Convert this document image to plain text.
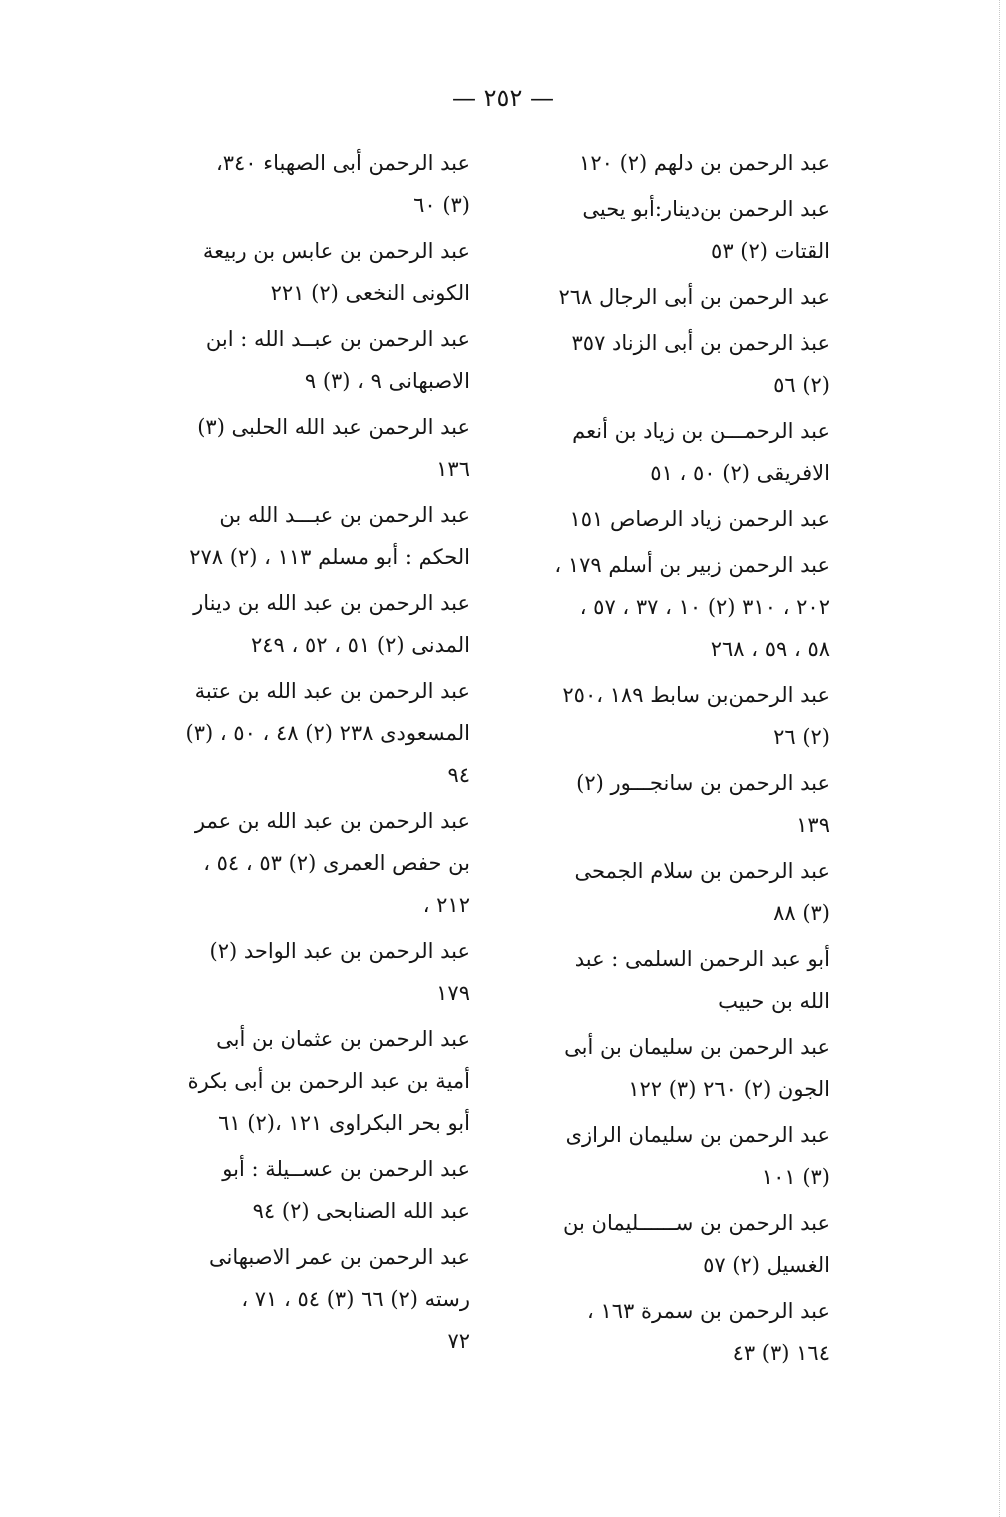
— ٢٥٢ —
عبد الرحمن بن دلهم (٢) ١٢٠
عبد الرحمن بن‌دينار:أبو يحيى
القتات (٢) ٥٣
عبد الرحمن بن أبى الرجال ٢٦٨
عبذ الرحمن بن أبى الزناد ٣٥٧
(٢) ٥٦
عبد الرحمـــن بن زياد بن أنعم
الافريقى (٢) ٥٠ ، ٥١
عبد الرحمن زياد الرصاص ١٥١
عبد الرحمن زبير بن أسلم ١٧٩ ،
٢٠٢ ، ٣١٠ (٢) ١٠ ، ٣٧ ، ٥٧ ،
٥٨ ، ٥٩ ، ٢٦٨
عبد الرحمن‌بن سابط ١٨٩ ،٢٥٠
(٢) ٢٦
عبد الرحمن بن سانجـــور (٢)
١٣٩
عبد الرحمن بن سلام الجمحى
(٣) ٨٨
أبو عبد الرحمن السلمى : عبد
الله بن حبيب
عبد الرحمن بن سليمان بن أبى
الجون (٢) ٢٦٠ (٣) ١٢٢
عبد الرحمن بن سليمان الرازى
(٣) ١٠١
عبد الرحمن بن ســــــليمان بن
الغسيل (٢) ٥٧
عبد الرحمن بن سمرة ١٦٣ ،
١٦٤ (٣) ٤٣
عبد الرحمن أبى الصهباء ٣٤٠،
(٣) ٦٠
عبد الرحمن بن عابس بن ربيعة
الكونى النخعى (٢) ٢٢١
عبد الرحمن بن عبــد الله : ابن
الاصبهانى ٩ ، (٣) ٩
عبد الرحمن عبد الله الحلبى (٣)
١٣٦
عبد الرحمن بن عبـــد الله بن
الحكم : أبو مسلم ١١٣ ، (٢) ٢٧٨
عبد الرحمن بن عبد الله بن دينار
المدنى (٢) ٥١ ، ٥٢ ، ٢٤٩
عبد الرحمن بن عبد الله بن عتبة
المسعودى ٢٣٨ (٢) ٤٨ ، ٥٠ ، (٣)
٩٤
عبد الرحمن بن عبد الله بن عمر
بن حفص العمرى (٢) ٥٣ ، ٥٤ ،
٢١٢ ،
عبد الرحمن بن عبد الواحد (٢)
١٧٩
عبد الرحمن بن عثمان بن أبى
أمية بن عبد الرحمن بن أبى بكرة
أبو بحر البكراوى ١٢١ ،(٢) ٦١
عبد الرحمن بن عســيلة : أبو
عبد الله الصنابحى (٢) ٩٤
عبد الرحمن بن عمر الاصبهانى
رسته (٢) ٦٦ (٣) ٥٤ ، ٧١ ،
٧٢
